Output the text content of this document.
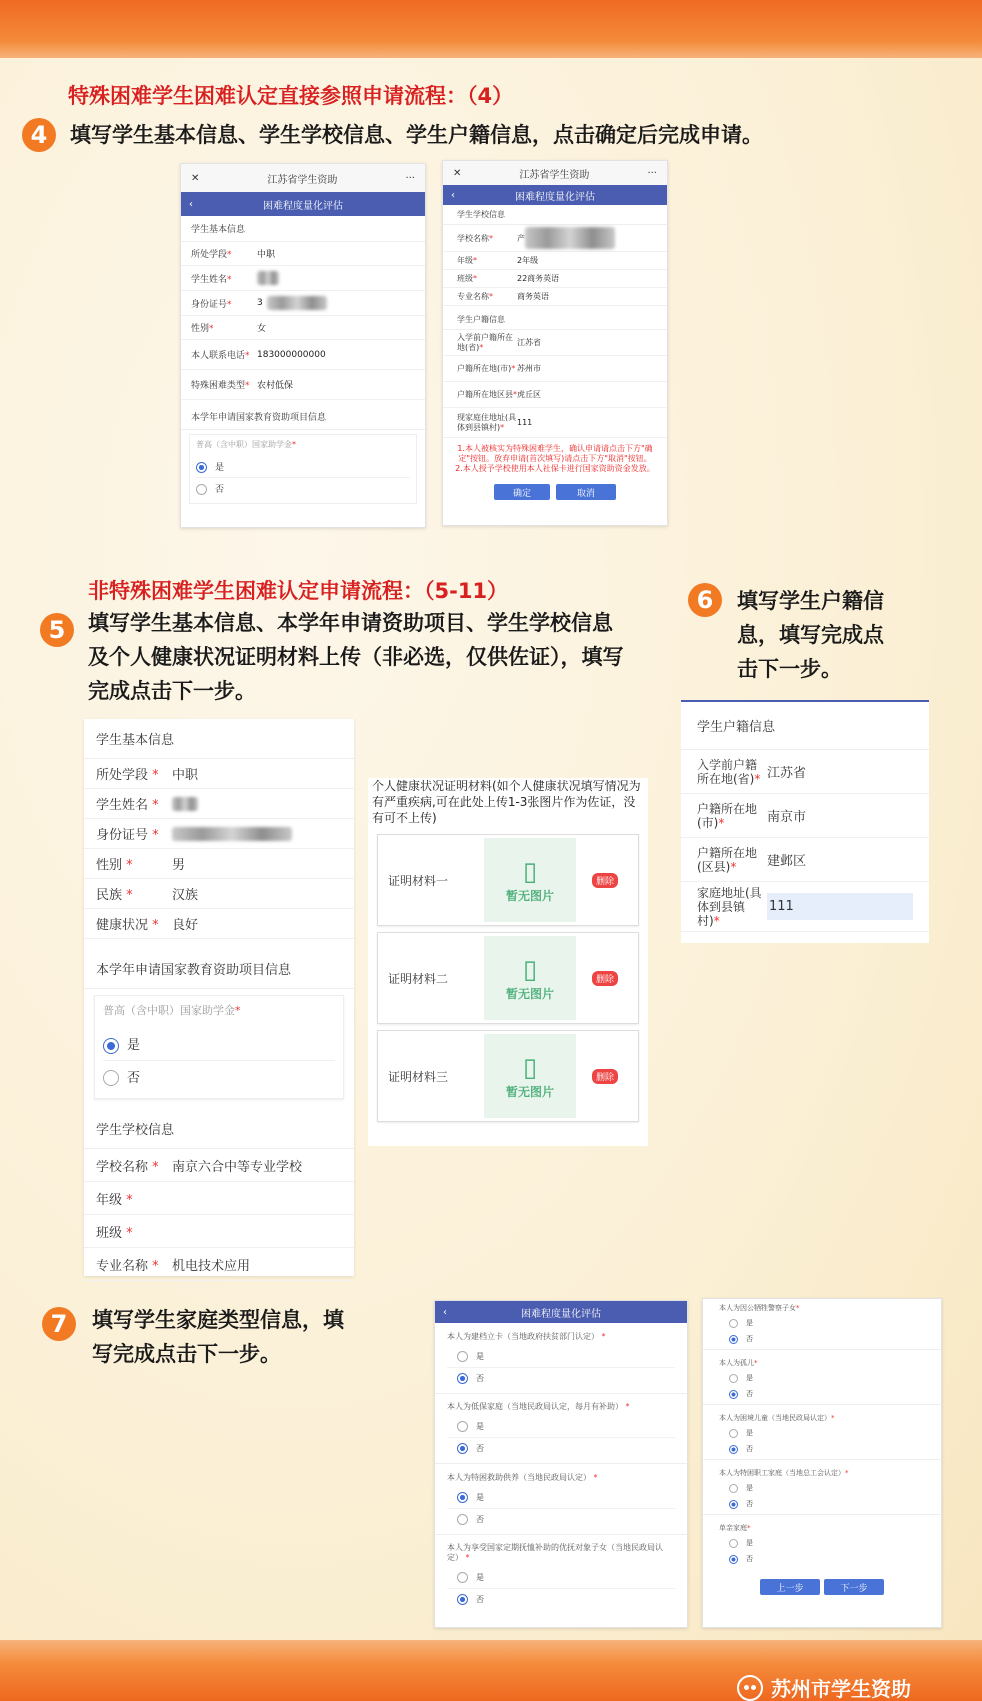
特殊困难学生困难认定直接参照申请流程：（4）
4	填写学生基本信息、学生学校信息、学生户籍信息，点击确定后完成申请。
✕	江苏省学生资助	···
‹	困难程度量化评估
学生基本信息
所处学段*	中职
学生姓名*
身份证号*	3
性别*	女
本人联系电话* 183000000000
特殊困难类型* 农村低保
本学年申请国家教育资助项目信息
普高（含中职）国家助学金*
是
否
✕	江苏省学生资助	···
‹	困难程度量化评估
学生学校信息
学校名称*	产
年级*	2年级
班级*	22商务英语
专业名称*	商务英语
学生户籍信息
入学前户籍所在地(省)*	江苏省
户籍所在地(市)* 苏州市
户籍所在地区县* 虎丘区
现家庭住地址(具体到县镇村)*	111
1.本人被核实为特殊困难学生，确认申请请点击下方"确定"按钮。放弃申请(首次填写)请点击下方"取消"按钮。
2.本人授予学校使用本人社保卡进行国家资助资金发放。
确定	取消
非特殊困难学生困难认定申请流程：（5-11）
5	填写学生基本信息、本学年申请资助项目、学生学校信息
及个人健康状况证明材料上传（非必选，仅供佐证），填写
完成点击下一步。
6	填写学生户籍信
息，填写完成点
击下一步。
学生基本信息
所处学段 *	中职
学生姓名 *
身份证号 *
性别 *	男
民族 *	汉族
健康状况 *	良好
本学年申请国家教育资助项目信息
普高（含中职）国家助学金*
是
否
学生学校信息
学校名称 *	南京六合中等专业学校
年级 *
班级 *
专业名称 *	机电技术应用
个人健康状况证明材料(如个人健康状况填写情况为有严重疾病,可在此处上传1-3张图片作为佐证，没有可不上传)
证明材料一	▯
暂无图片
删除
证明材料二	▯
暂无图片
删除
证明材料三	▯
暂无图片
删除
学生户籍信息
入学前户籍所在地(省)* 江苏省
户籍所在地(市)*	南京市
户籍所在地(区县)*	建邺区
家庭地址(具体到县镇村)*
111
7	填写学生家庭类型信息，填
写完成点击下一步。
‹	困难程度量化评估
本人为建档立卡（当地政府扶贫部门认定） *
是
否
本人为低保家庭（当地民政局认定，每月有补助） *
是
否
本人为特困救助供养（当地民政局认定） *
是
否
本人为享受国家定期抚恤补助的优抚对象子女（当地民政局认定） *
是
否
本人为因公牺牲警察子女*
是
否
本人为孤儿*
是
否
本人为困境儿童（当地民政局认定）*
是
否
本人为特困职工家庭（当地总工会认定）*
是
否
单亲家庭*
是
否
上一步	下一步
苏州市学生资助
